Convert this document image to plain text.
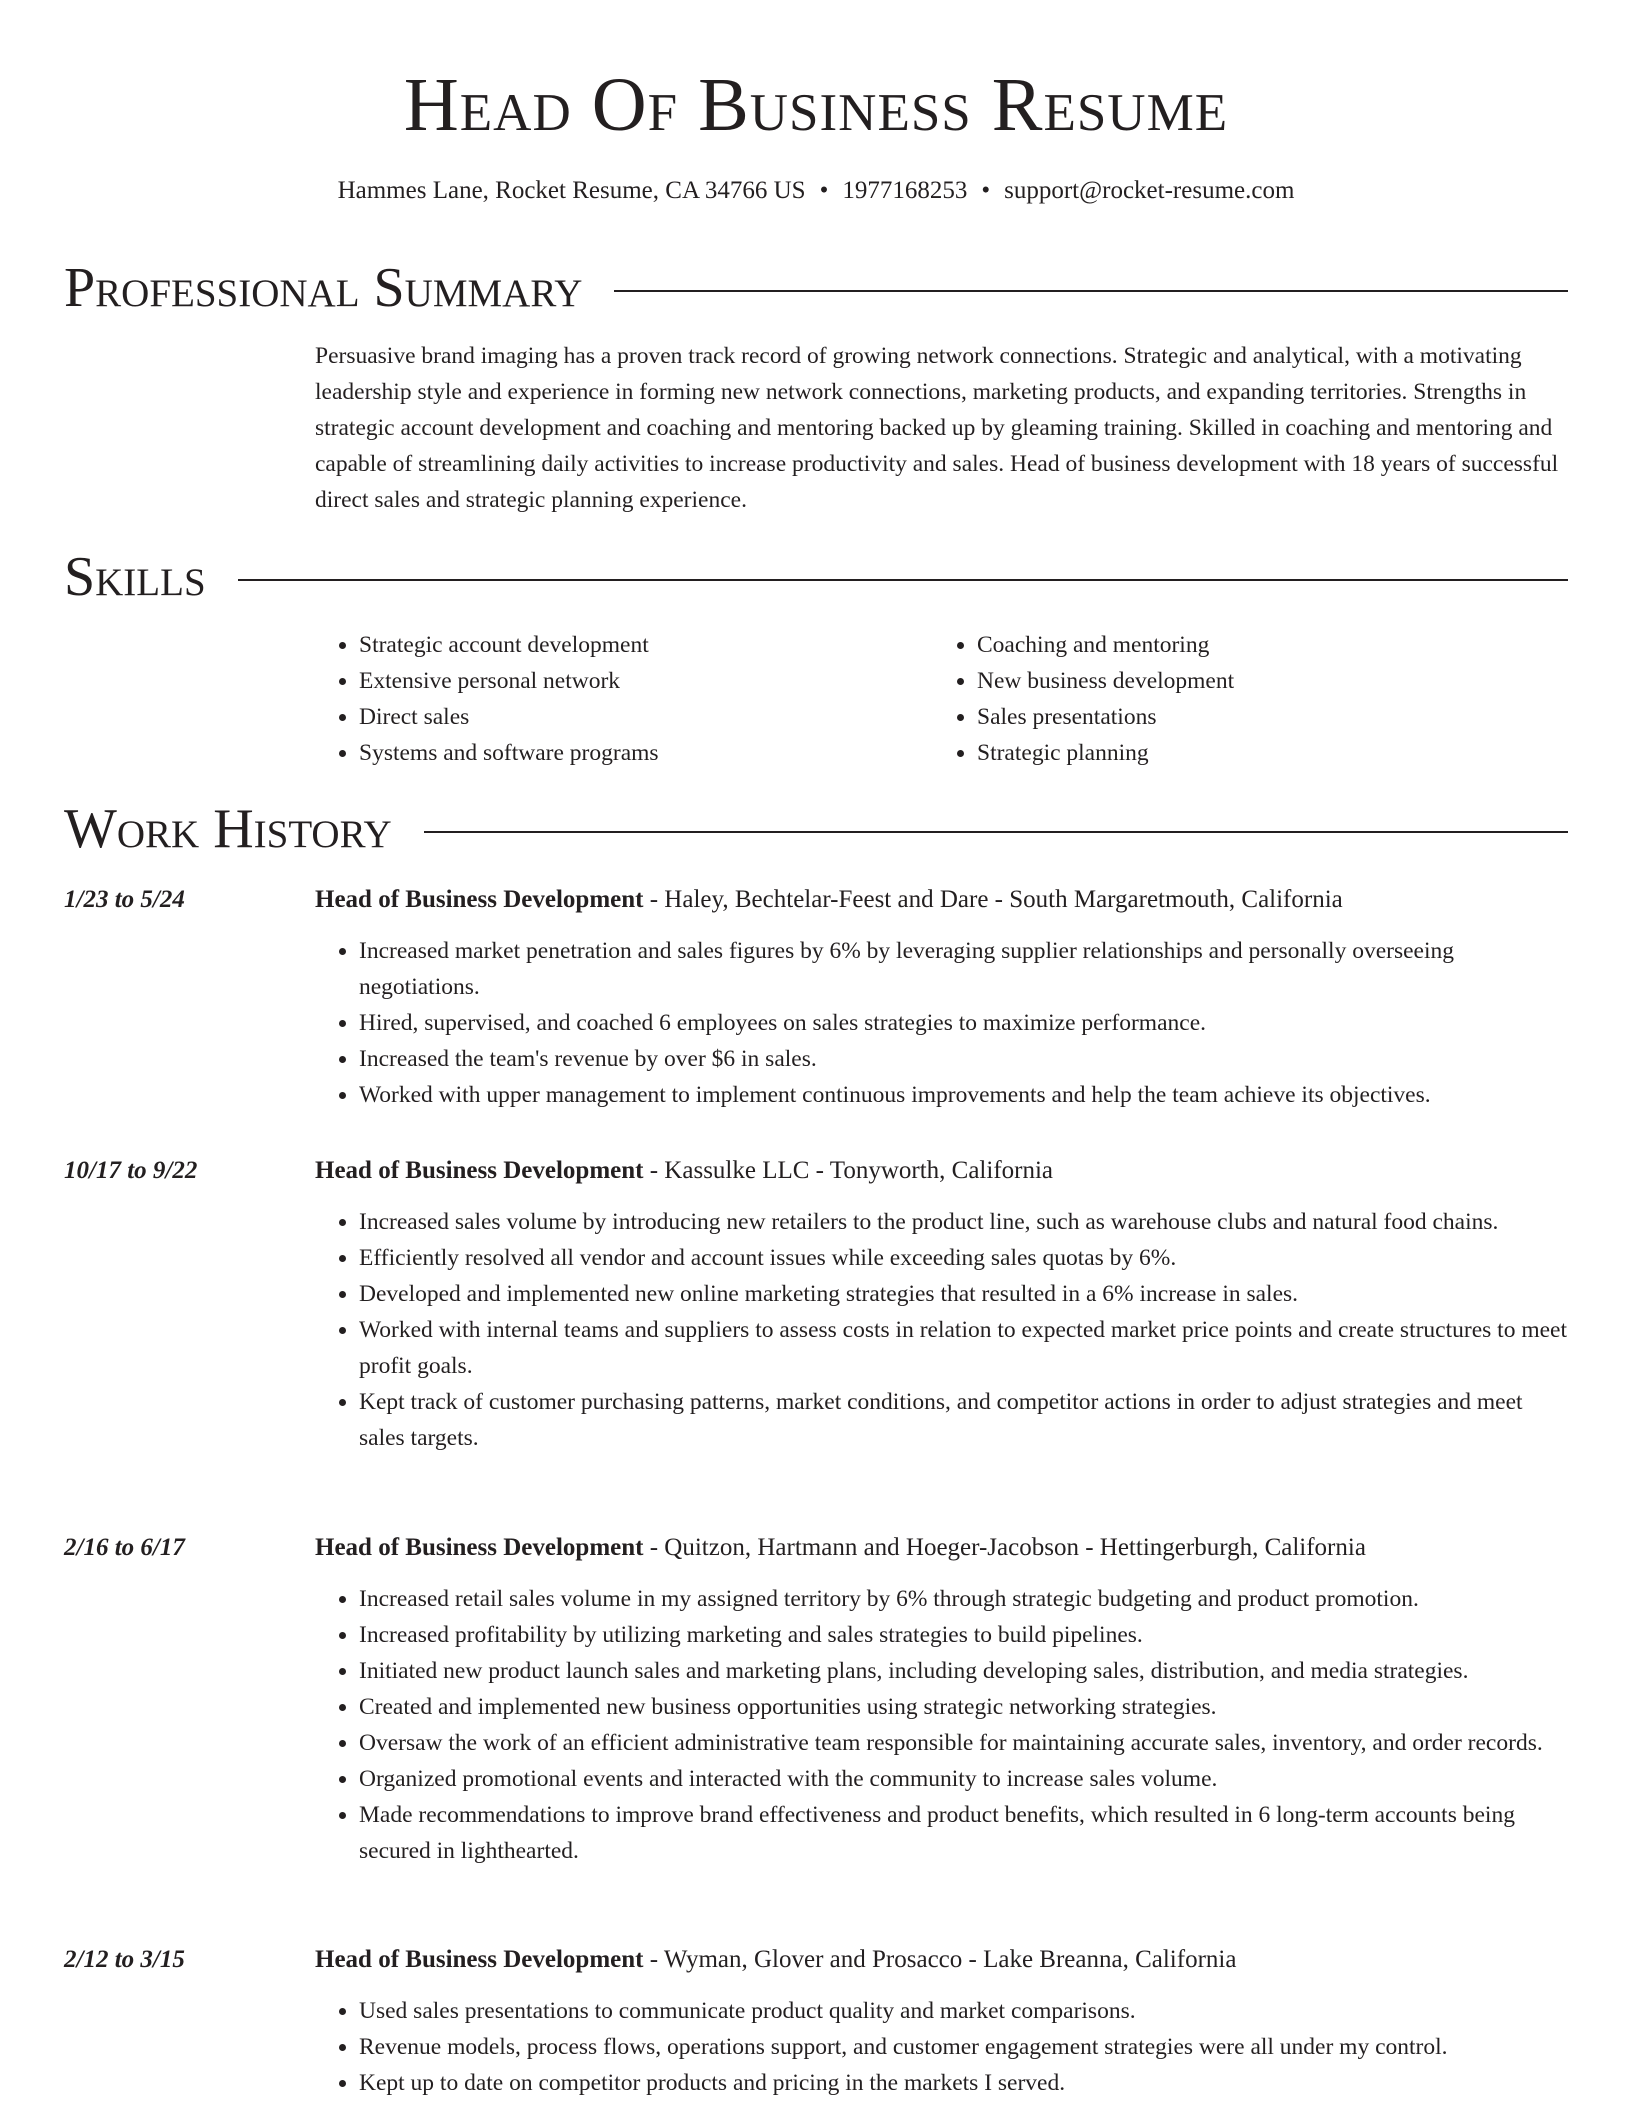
Head Of Business Resume
Hammes Lane, Rocket Resume, CA 34766 US • 1977168253 • support@rocket-resume.com
Professional Summary

Persuasive brand imaging has a proven track record of growing network connections. Strategic and analytical, with a motivating leadership style and experience in forming new network connections, marketing products, and expanding territories. Strengths in strategic account development and coaching and mentoring backed up by gleaming training. Skilled in coaching and mentoring and capable of streamlining daily activities to increase productivity and sales. Head of business development with 18 years of successful direct sales and strategic planning experience.

Skills
• Strategic account development
• Extensive personal network
• Direct sales
• Systems and software programs
• Coaching and mentoring
• New business development
• Sales presentations
• Strategic planning
Work History
1/23 to 5/24	Head of Business Development - Haley, Bechtelar-Feest and Dare - South Margaretmouth, California
• Increased market penetration and sales figures by 6% by leveraging supplier relationships and personally overseeing negotiations.
• Hired, supervised, and coached 6 employees on sales strategies to maximize performance.
• Increased the team's revenue by over $6 in sales.
• Worked with upper management to implement continuous improvements and help the team achieve its objectives.
10/17 to 9/22	Head of Business Development - Kassulke LLC - Tonyworth, California
• Increased sales volume by introducing new retailers to the product line, such as warehouse clubs and natural food chains.
• Efficiently resolved all vendor and account issues while exceeding sales quotas by 6%.
• Developed and implemented new online marketing strategies that resulted in a 6% increase in sales.
• Worked with internal teams and suppliers to assess costs in relation to expected market price points and create structures to meet profit goals.
• Kept track of customer purchasing patterns, market conditions, and competitor actions in order to adjust strategies and meet sales targets.
2/16 to 6/17	Head of Business Development - Quitzon, Hartmann and Hoeger-Jacobson - Hettingerburgh, California
• Increased retail sales volume in my assigned territory by 6% through strategic budgeting and product promotion.
• Increased profitability by utilizing marketing and sales strategies to build pipelines.
• Initiated new product launch sales and marketing plans, including developing sales, distribution, and media strategies.
• Created and implemented new business opportunities using strategic networking strategies.
• Oversaw the work of an efficient administrative team responsible for maintaining accurate sales, inventory, and order records.
• Organized promotional events and interacted with the community to increase sales volume.
• Made recommendations to improve brand effectiveness and product benefits, which resulted in 6 long-term accounts being secured in lighthearted.
2/12 to 3/15	Head of Business Development - Wyman, Glover and Prosacco - Lake Breanna, California
• Used sales presentations to communicate product quality and market comparisons.
• Revenue models, process flows, operations support, and customer engagement strategies were all under my control.
• Kept up to date on competitor products and pricing in the markets I served.
